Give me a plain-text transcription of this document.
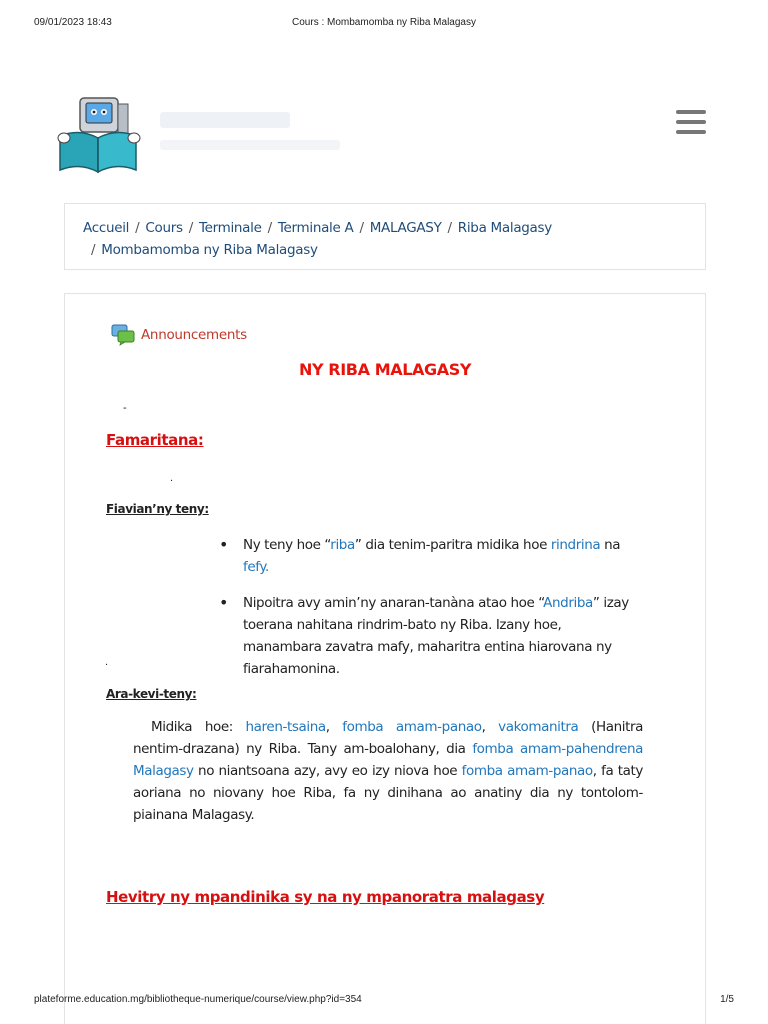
09/01/2023 18:43	Cours : Mombamomba ny Riba Malagasy
Accueil / Cours / Terminale / Terminale A / MALAGASY / Riba Malagasy
/ Mombamomba ny Riba Malagasy
Announcements
NY RIBA MALAGASY
-
Famaritana:
.
Fiavian’ny teny:
• Ny teny hoe “riba” dia tenim-paritra midika hoe rindrina na fefy.
• Nipoitra avy amin’ny anaran-tanàna atao hoe “Andriba” izay toerana nahitana rindrim-bato ny Riba. Izany hoe, manambara zavatra mafy, maharitra entina hiarovana ny fiarahamonina.
.
Ara-kevi-teny:

Midika hoe: haren-tsaina, fomba amam-panao, vakomanitra (Hanitra nentim-drazana) ny Riba. Tany am-boalohany, dia fomba amam-pahendrena Malagasy no niantsoana azy, avy eo izy niova hoe fomba amam-panao, fa taty aoriana no niovany hoe Riba, fa ny dinihana ao anatiny dia ny tontolom-piainana Malagasy.

Hevitry ny mpandinika sy na ny mpanoratra malagasy
plateforme.education.mg/bibliotheque-numerique/course/view.php?id=354	1/5
